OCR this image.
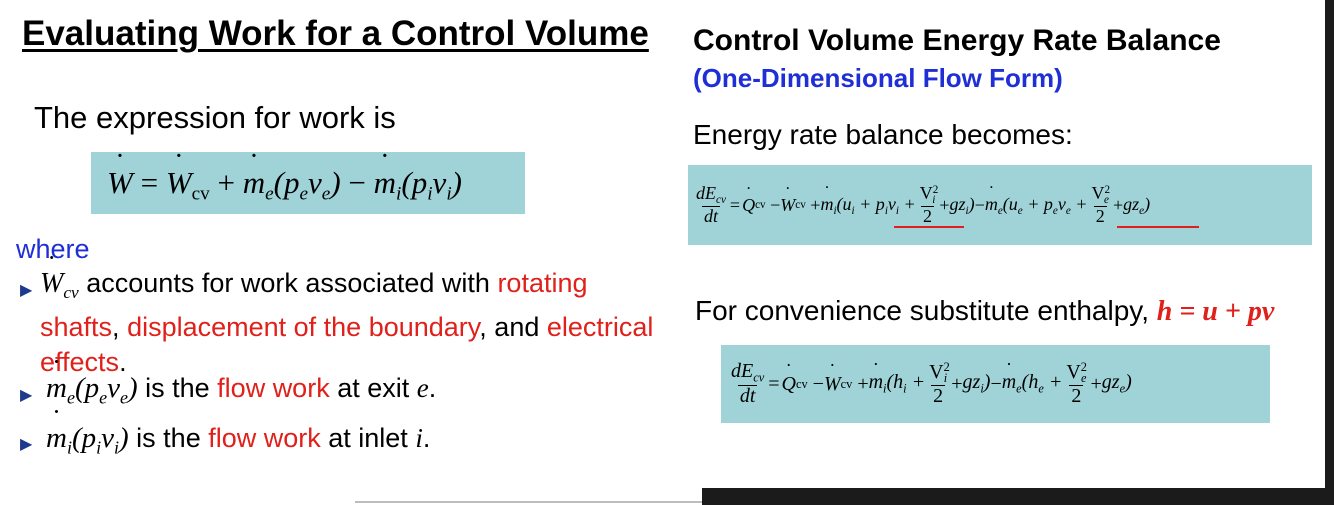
Evaluating Work for a Control Volume
The expression for work is
˙ W = ˙ $W_{cv}$ + ˙ $m_e(p_ev_e)$ − ˙ $m_i(p_iv_i)$
where
▶ ˙ $W_{cv}$ accounts for work associated with rotating
shafts, displacement of the boundary, and electrical
effects.
▶ ˙ $m_e(p_ev_e)$ is the flow work at exit e.
▶ ˙ $m_i(p_iv_i)$ is the flow work at inlet i.
Control Volume Energy Rate Balance
(One-Dimensional Flow Form)
Energy rate balance becomes:
$\frac{dE_{cv}}{dt}$ = ˙ Q cv − ˙ W cv + ˙ $m_i(u_i + p_iv_i + \frac{V^2_i}{2} + gz_i)$ − ˙ $m_e(u_e + p_ev_e + \frac{V^2_e}{2} + gz_e)$
For convenience substitute enthalpy, h = u + pv
$\frac{dE_{cv}}{dt}$ = ˙ Q cv − ˙ W cv + ˙ $m_i(h_i + \frac{V^2_i}{2} + gz_i)$ − ˙ $m_e(h_e + \frac{V^2_e}{2} + gz_e)$
